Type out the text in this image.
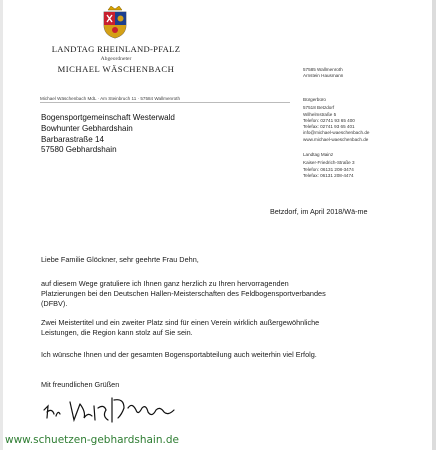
LANDTAG RHEINLAND-PFALZ
Abgeordneter
MICHAEL WÄSCHENBACH	57585 Wallmenroth
Arnstein Hausmann
Bürgerbüro
57518 Betzdorf
Wilhelmstraße 5
Telefon: 02741 93 65 400
Telefax: 02741 93 65 401
info@michael-waeschenbach.de
www.michael-waeschenbach.de
Landtag Mainz
Kaiser-Friedrich-Straße 3
Telefon: 06131 208-3474
Telefax: 06131 208-4474
Michael Wäschenbach MdL · Am Steinbruch 11 · 57584 Wallmenroth
Bogensportgemeinschaft Westerwald
Bowhunter Gebhardshain
Barbarastraße 14
57580 Gebhardshain
Betzdorf, im April 2018/Wä-me
Liebe Familie Glöckner, sehr geehrte Frau Dehn,
auf diesem Wege gratuliere ich Ihnen ganz herzlich zu Ihren hervorragenden
Platzierungen bei den Deutschen Hallen-Meisterschaften des Feldbogensportverbandes
(DFBV).
Zwei Meistertitel und ein zweiter Platz sind für einen Verein wirklich außergewöhnliche
Leistungen, die Region kann stolz auf Sie sein.
Ich wünsche Ihnen und der gesamten Bogensportabteilung auch weiterhin viel Erfolg.
Mit freundlichen Grüßen
www.schuetzen-gebhardshain.de
